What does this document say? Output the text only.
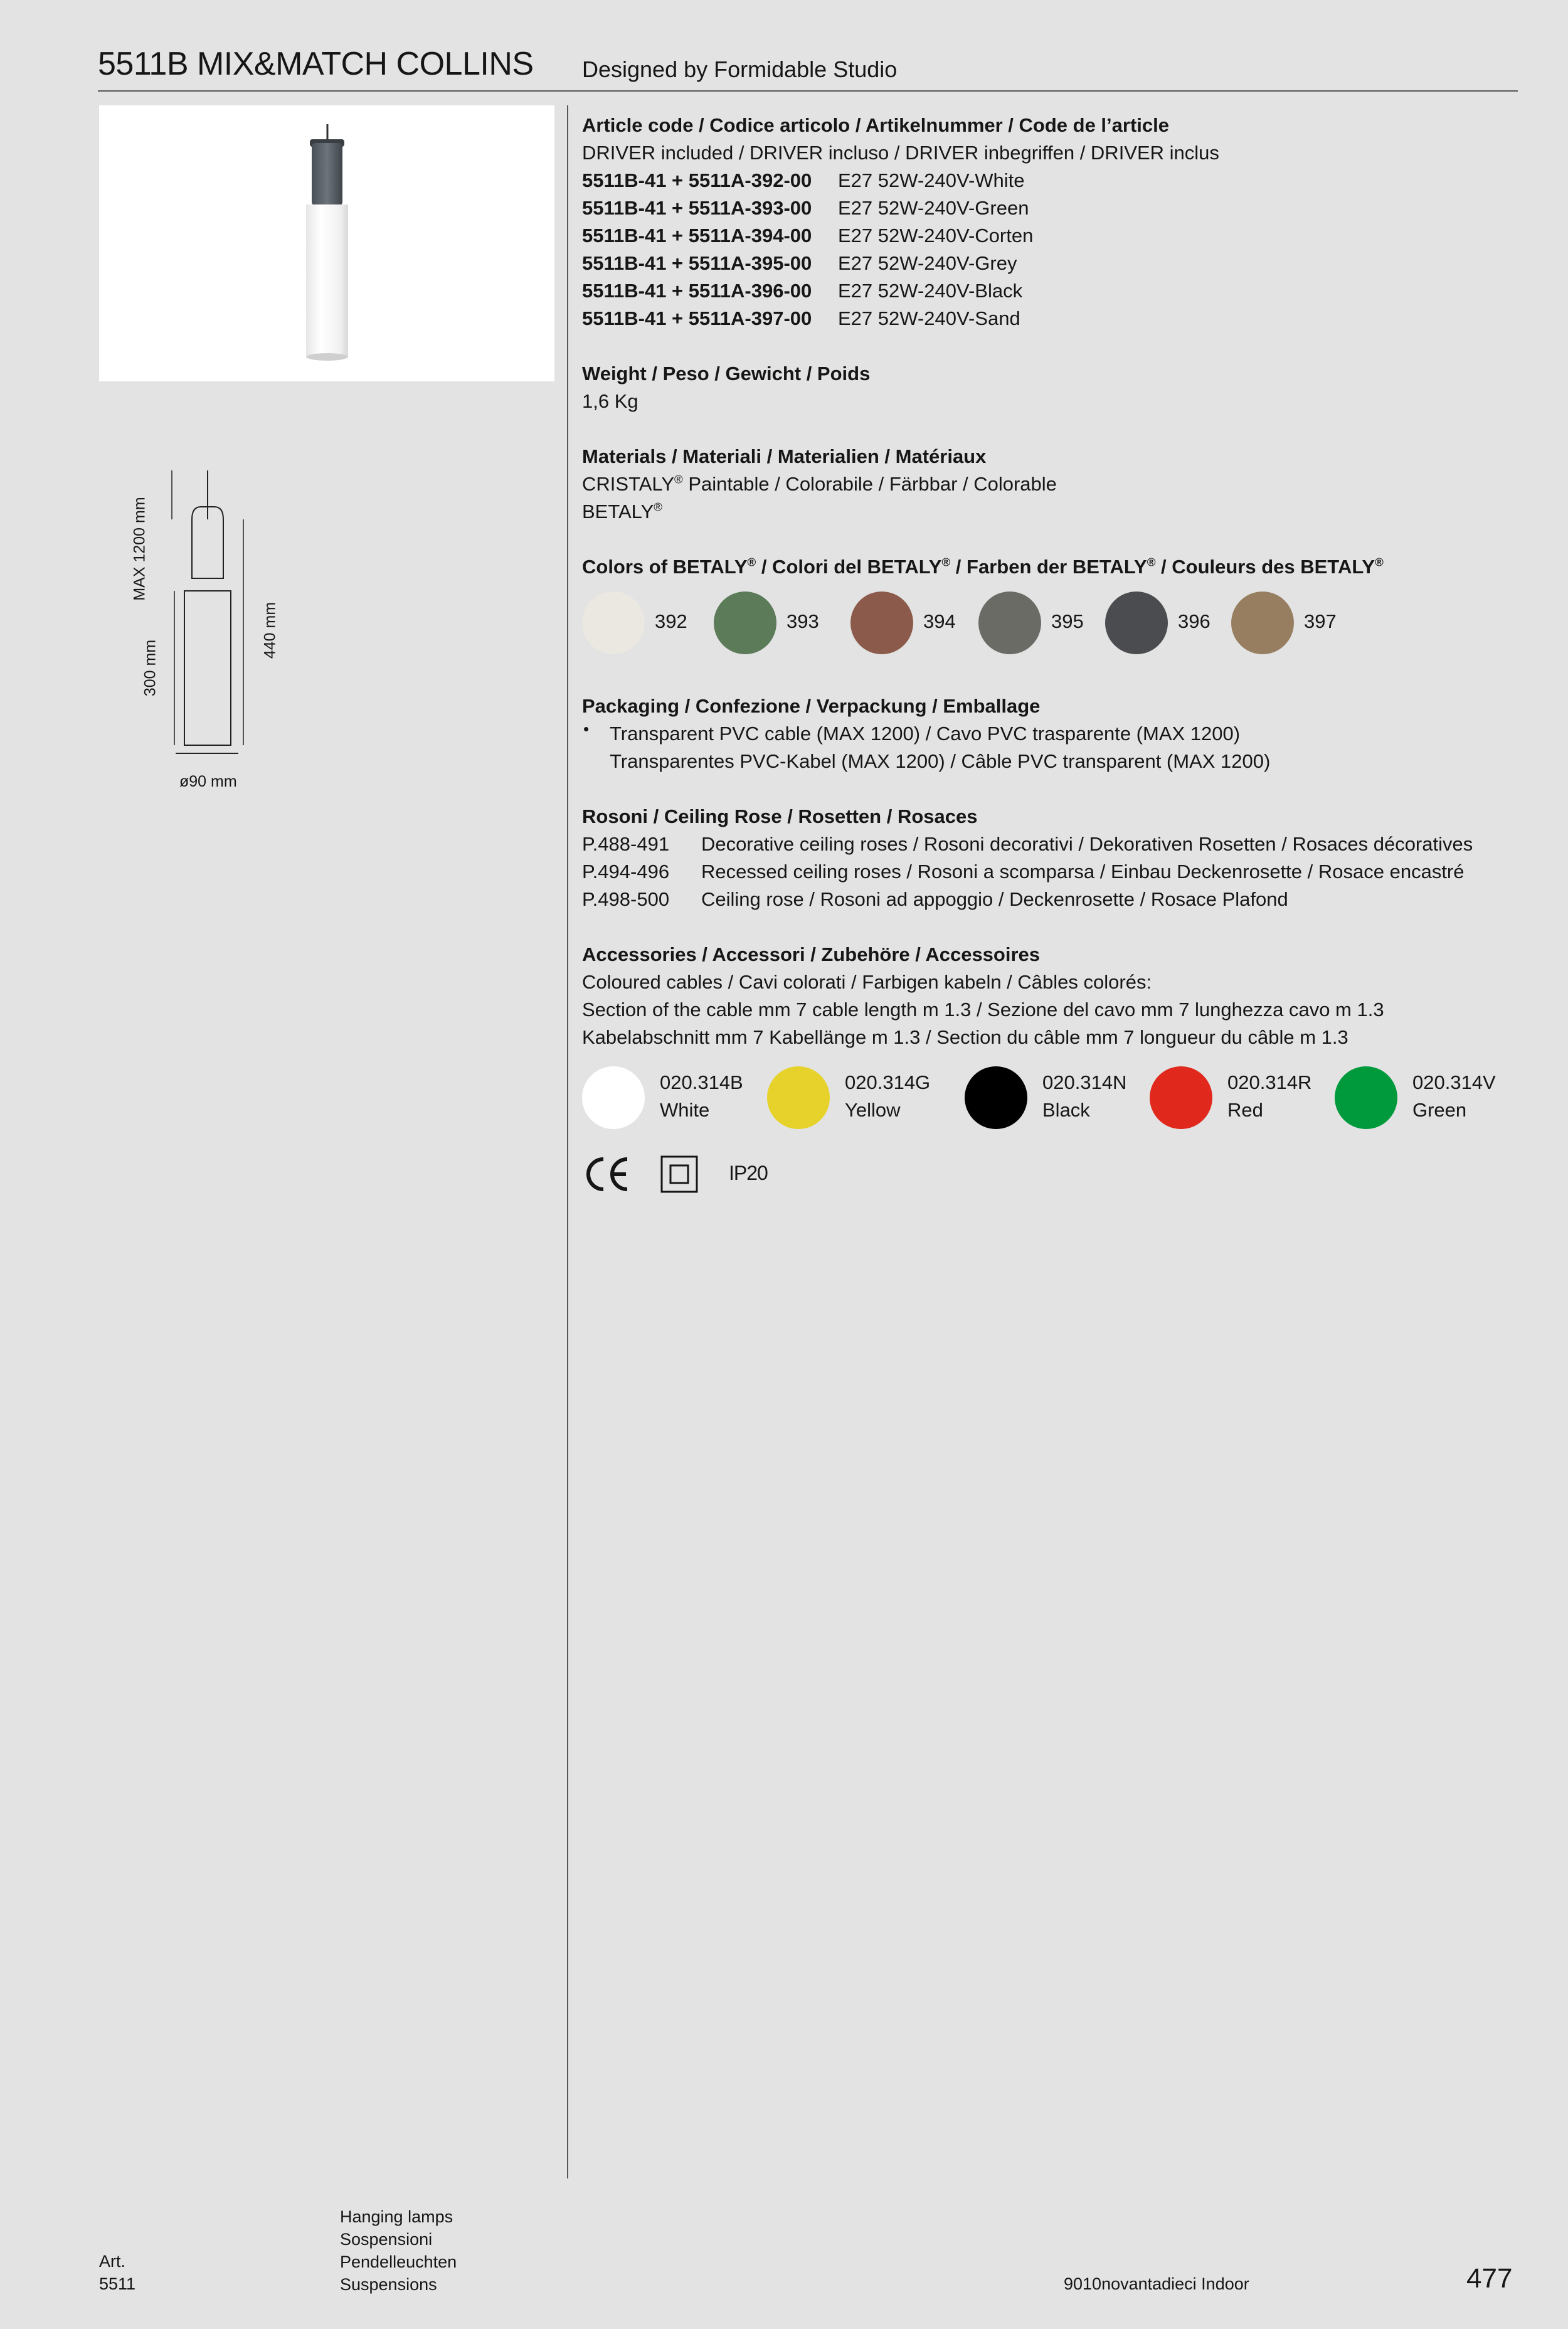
5511B MIX&MATCH COLLINS Designed by Formidable Studio
MAX 1200 mm
300 mm
440 mm
ø90 mm
Article code / Codice articolo / Artikelnummer / Code de l’article
DRIVER included / DRIVER incluso / DRIVER inbegriffen / DRIVER inclus
5511B-41 + 5511A-392-00 E27 52W-240V-White
5511B-41 + 5511A-393-00 E27 52W-240V-Green
5511B-41 + 5511A-394-00 E27 52W-240V-Corten
5511B-41 + 5511A-395-00 E27 52W-240V-Grey
5511B-41 + 5511A-396-00 E27 52W-240V-Black
5511B-41 + 5511A-397-00 E27 52W-240V-Sand
Weight / Peso / Gewicht / Poids
1,6 Kg
Materials / Materiali / Materialien / Matériaux
CRISTALY® Paintable / Colorabile / Färbbar / Colorable
BETALY®
Colors of BETALY® / Colori del BETALY® / Farben der BETALY® / Couleurs des BETALY®
392	393	394	395	396	397
Packaging / Confezione / Verpackung / Emballage
• Transparent PVC cable (MAX 1200) / Cavo PVC trasparente (MAX 1200)
Transparentes PVC-Kabel (MAX 1200) / Câble PVC transparent (MAX 1200)
Rosoni / Ceiling Rose / Rosetten / Rosaces
P.488-491 Decorative ceiling roses / Rosoni decorativi / Dekorativen Rosetten / Rosaces décoratives
P.494-496 Recessed ceiling roses / Rosoni a scomparsa / Einbau Deckenrosette / Rosace encastré
P.498-500 Ceiling rose / Rosoni ad appoggio / Deckenrosette / Rosace Plafond
Accessories / Accessori / Zubehöre / Accessoires
Coloured cables / Cavi colorati / Farbigen kabeln / Câbles colorés:
Section of the cable mm 7 cable length m 1.3 / Sezione del cavo mm 7 lunghezza cavo m 1.3
Kabelabschnitt mm 7 Kabellänge m 1.3 / Section du câble mm 7 longueur du câble m 1.3
020.314B
White
020.314G
Yellow
020.314N
Black
020.314R
Red
020.314V
Green
IP20
Art.
5511
Hanging lamps
Sospensioni
Pendelleuchten
Suspensions	9010novantadieci Indoor	477
